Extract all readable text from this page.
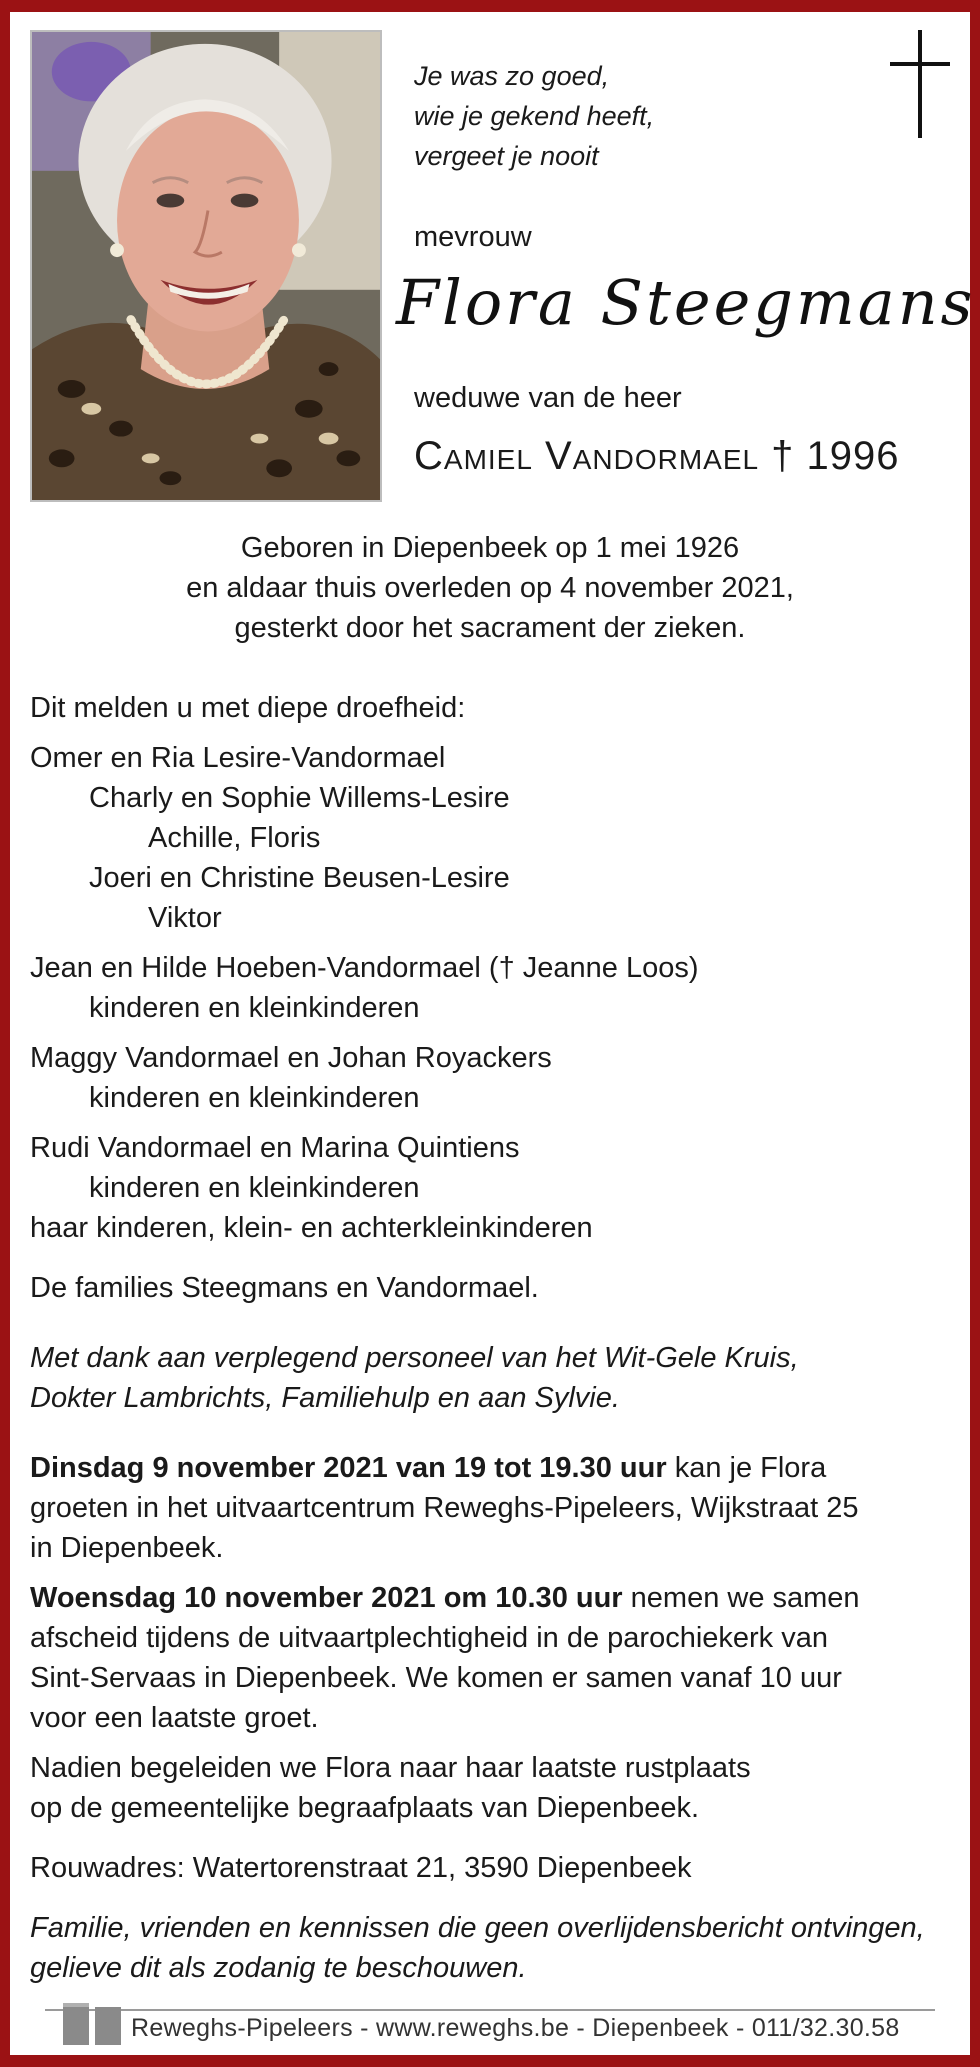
Je was zo goed,
wie je gekend heeft,
vergeet je nooit
mevrouw
Flora Steegmans
weduwe van de heer
Camiel Vandormael † 1996
Geboren in Diepenbeek op 1 mei 1926
en aldaar thuis overleden op 4 november 2021,
gesterkt door het sacrament der zieken.
Dit melden u met diepe droefheid:
Omer en Ria Lesire-Vandormael
Charly en Sophie Willems-Lesire
Achille, Floris
Joeri en Christine Beusen-Lesire
Viktor
Jean en Hilde Hoeben-Vandormael († Jeanne Loos)
kinderen en kleinkinderen
Maggy Vandormael en Johan Royackers
kinderen en kleinkinderen
Rudi Vandormael en Marina Quintiens
kinderen en kleinkinderen
haar kinderen, klein- en achterkleinkinderen
De families Steegmans en Vandormael.
Met dank aan verplegend personeel van het Wit-Gele Kruis,
Dokter Lambrichts, Familiehulp en aan Sylvie.
Dinsdag 9 november 2021 van 19 tot 19.30 uur kan je Flora
groeten in het uitvaartcentrum Reweghs-Pipeleers, Wijkstraat 25
in Diepenbeek.
Woensdag 10 november 2021 om 10.30 uur nemen we samen
afscheid tijdens de uitvaartplechtigheid in de parochiekerk van
Sint-Servaas in Diepenbeek. We komen er samen vanaf 10 uur
voor een laatste groet.
Nadien begeleiden we Flora naar haar laatste rustplaats
op de gemeentelijke begraafplaats van Diepenbeek.
Rouwadres: Watertorenstraat 21, 3590 Diepenbeek
Familie, vrienden en kennissen die geen overlijdensbericht ontvingen,
gelieve dit als zodanig te beschouwen.
Reweghs-Pipeleers - www.reweghs.be - Diepenbeek - 011/32.30.58
